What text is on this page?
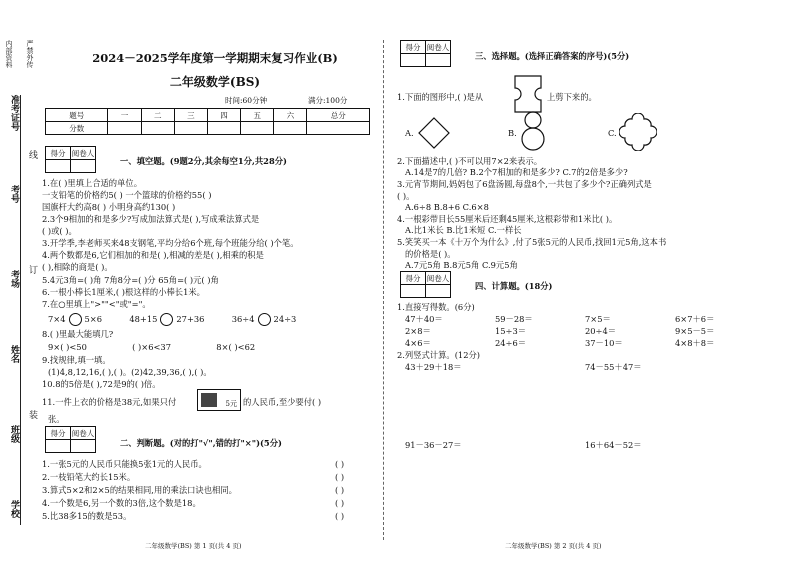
内部资料 严禁外传
准考证号
考号
考场
姓名
班级
学校
线
订
装
2024－2025学年度第一学期期末复习作业(B)
二年级数学(BS)
时间:60分钟	满分:100分
题号	一	二	三	四	五	六	总分
分数							
得分	阅卷人

一、填空题。(9题2分,其余每空1分,共28分)
1.在( )里填上合适的单位。
一支铅笔的价格约5( ) 一个篮球的价格约55( )
国旗杆大约高8( ) 小明身高约130( )
2.3个9相加的和是多少?写成加法算式是( ),写成乘法算式是
( )或( )。
3.开学季,李老师买来48支钢笔,平均分给6个班,每个班能分给( )个笔。
4.两个数都是6,它们相加的和是( ),相减的差是( ),相乘的积是
( ),相除的商是( )。
5.4元3角=( )角 7角8分=( )分 65角=( )元( )角
6.一根小棒长1厘米,( )根这样的小棒长1米。
7.在○里填上">""<"或"="。
7×4 5×6	48+15 27+36	36÷4 24÷3
8.( )里最大能填几?
9×( )<50	( )×6<37	8×( )<62
9.找规律,填一填。
(1)4,8,12,16,( ),( )。(2)42,39,36,( ),( )。
10.8的5倍是( ),72是9的( )倍。
11.一件上衣的价格是38元,如果只付	5元 的人民币,至少要付( )
张。
得分	阅卷人

二、判断题。(对的打"√",错的打"×")(5分)
1.一张5元的人民币只能换5张1元的人民币。	( )
2.一枝铅笔大约长15米。	( )
3.算式5×2和2×5的结果相同,用的乘法口诀也相同。	( )
4.一个数是6,另一个数的3倍,这个数是18。	( )
5.比38多15的数是53。	( )
二年级数学(BS) 第 1 页(共 4 页)
得分	阅卷人

三、选择题。(选择正确答案的序号)(5分)
1.下面的图形中,( )是从	上剪下来的。
A.	B.	C.
2.下面描述中,( )不可以用7×2来表示。
A.14是7的几倍? B.2个7相加的和是多少? C.7的2倍是多少?
3.元宵节期间,妈妈包了6盘汤圆,每盘8个,一共包了多少个?正确列式是
( )。
A.6÷8 B.8+6 C.6×8
4.一根彩带目长55厘米后还剩45厘米,这根彩带和1米比( )。
A.比1米长 B.比1米短 C.一样长
5.笑笑买一本《十万个为什么》,付了5张5元的人民币,找回1元5角,这本书
的价格是( )。
A.7元5角 B.8元5角 C.9元5角
得分	阅卷人

四、计算题。(18分)
1.直接写得数。(6分)
47＋40＝	59－28＝	7×5＝	6×7＋6＝
2×8＝	15÷3＝	20÷4＝	9×5－5＝
4×6＝	24÷6＝	37－10＝	4×8＋8＝
2.列竖式计算。(12分)
43＋29＋18＝	74－55＋47＝
91－36－27＝	16＋64－52＝
二年级数学(BS) 第 2 页(共 4 页)
